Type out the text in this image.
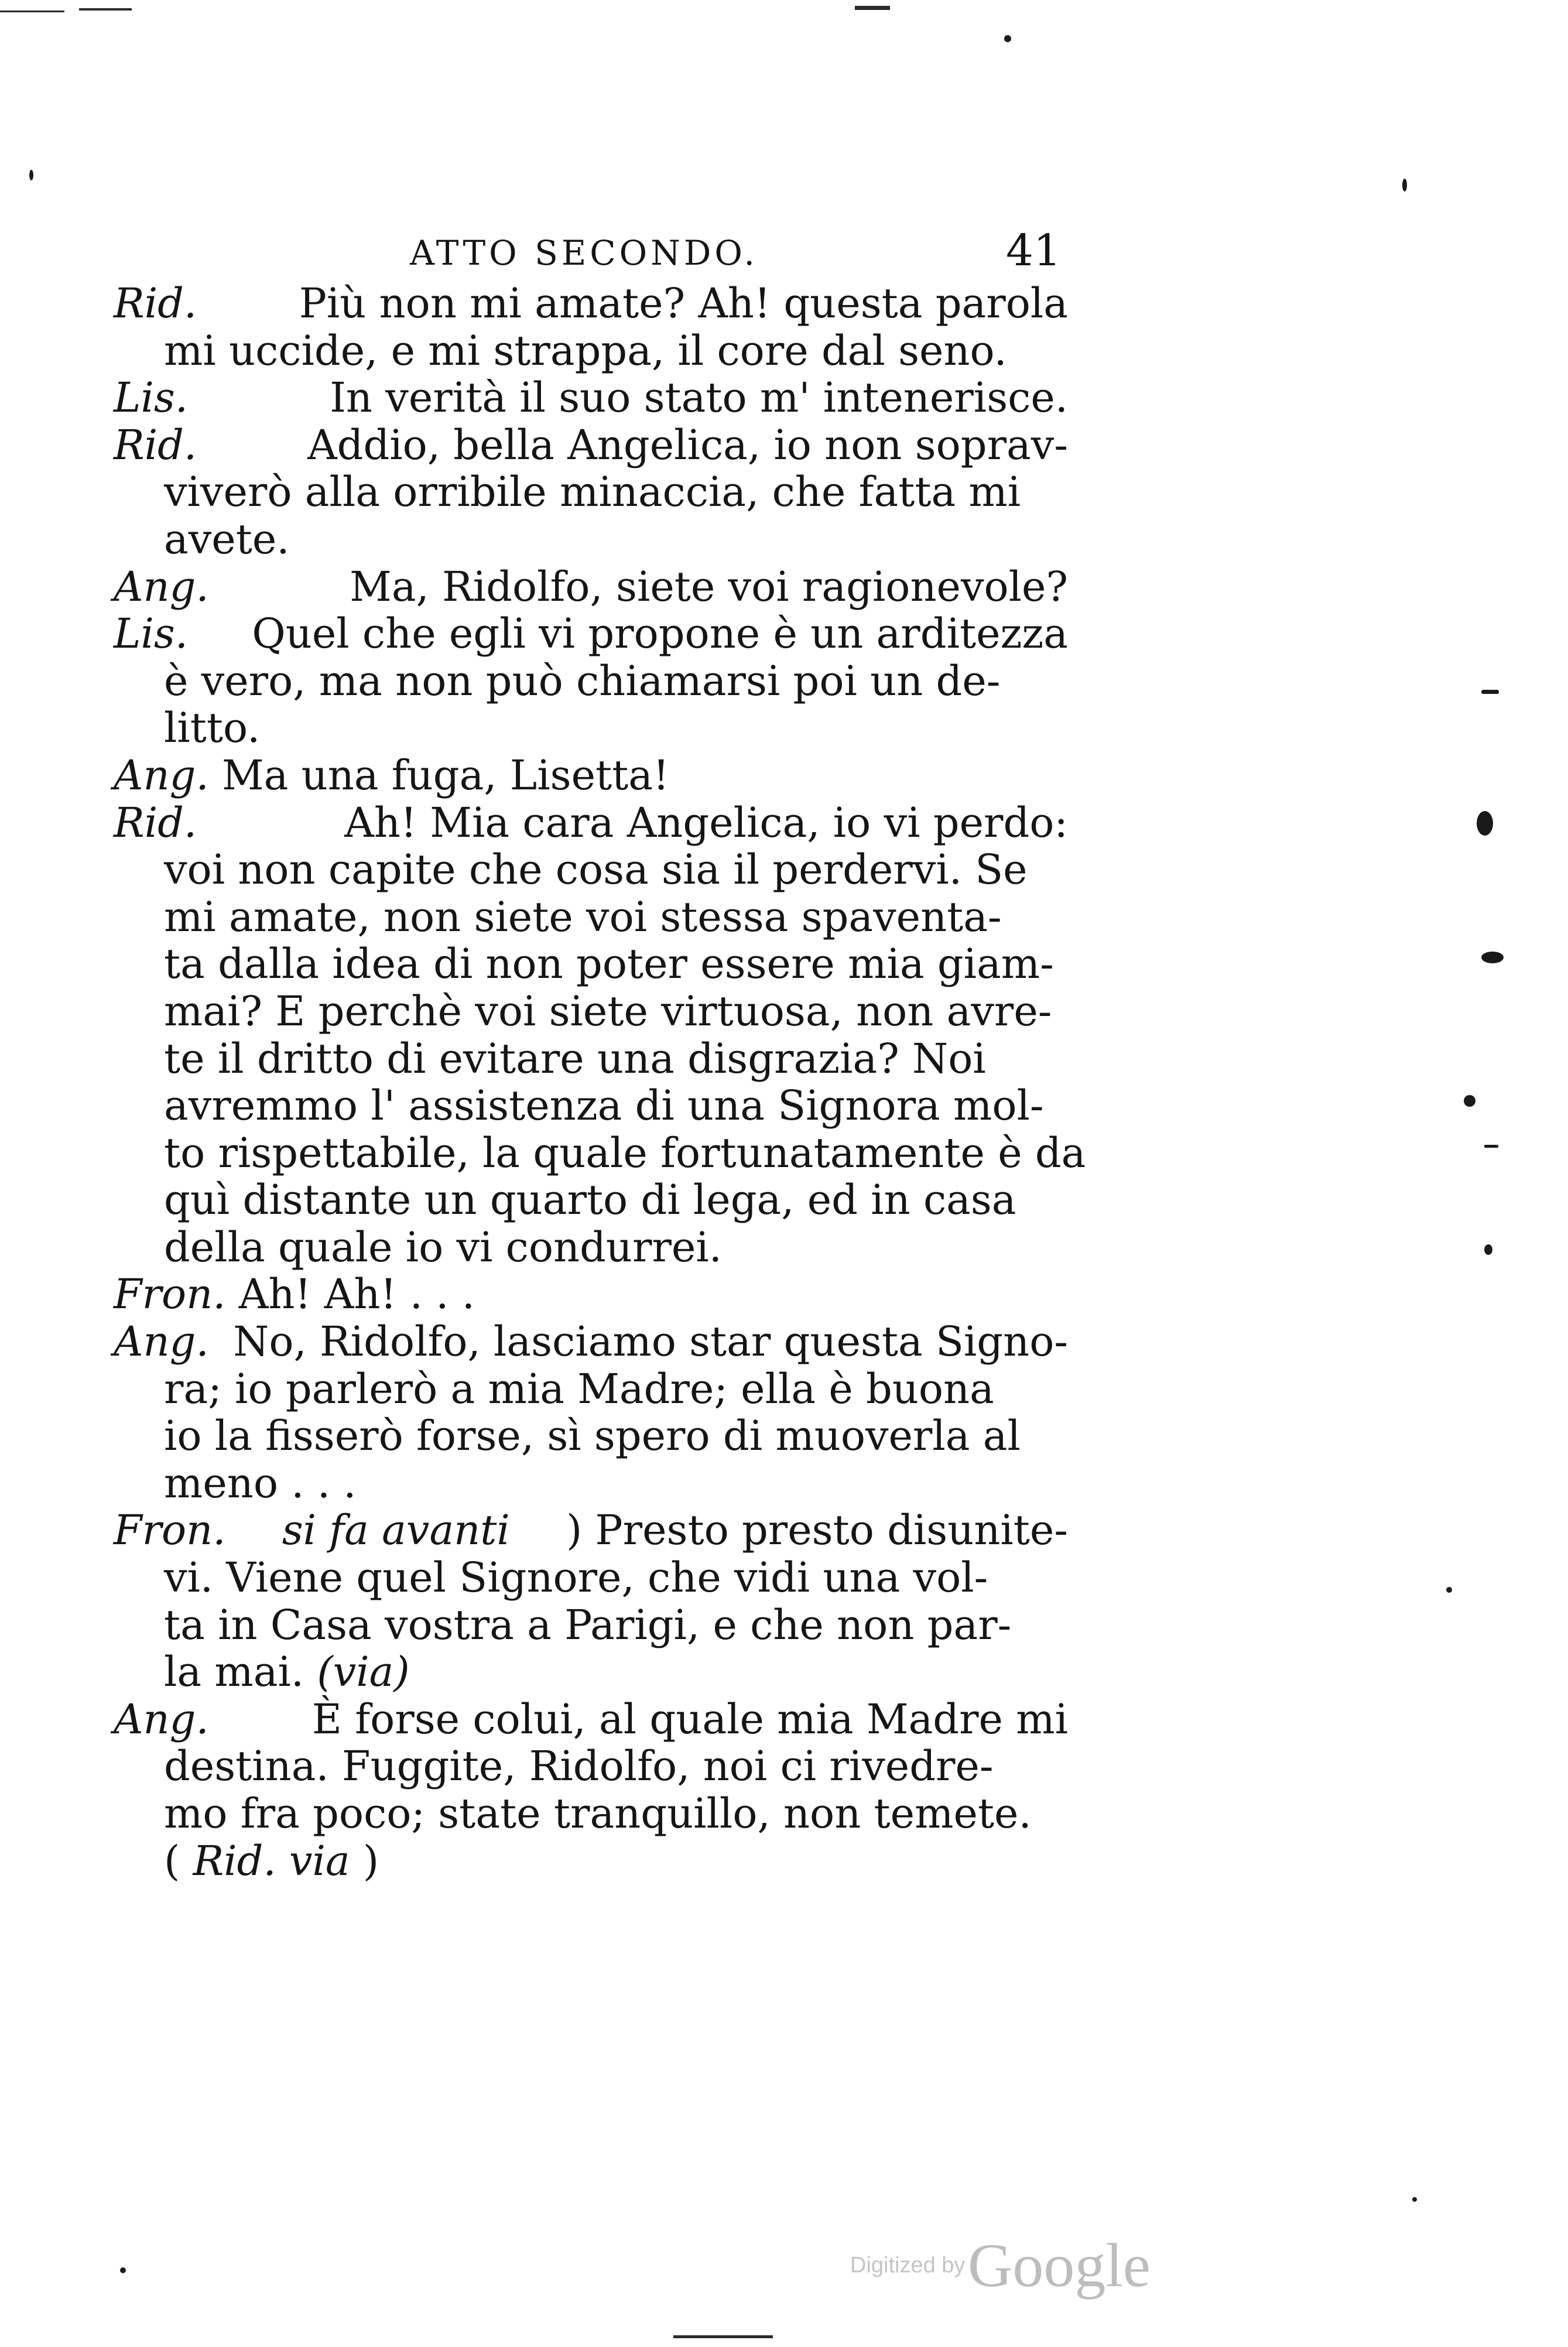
ATTO SECONDO.	41
Rid. Più non mi amate? Ah! questa parola
mi uccide, e mi strappa, il core dal seno.
Lis.	In verità il suo stato m' intenerisce.
Rid.	Addio, bella Angelica, io non soprav-
viverò alla orribile minaccia, che fatta mi
avete.
Ang.	Ma, Ridolfo, siete voi ragionevole?
Lis. Quel che egli vi propone è un arditezza
è vero, ma non può chiamarsi poi un de-
litto.
Ang. Ma una fuga, Lisetta!
Rid.	Ah! Mia cara Angelica, io vi perdo:
voi non capite che cosa sia il perdervi. Se
mi amate, non siete voi stessa spaventa-
ta dalla idea di non poter essere mia giam-
mai? E perchè voi siete virtuosa, non avre-
te il dritto di evitare una disgrazia? Noi
avremmo l' assistenza di una Signora mol-
to rispettabile, la quale fortunatamente è da
quì distante un quarto di lega, ed in casa
della quale io vi condurrei.
Fron. Ah! Ah! . . .
Ang. No, Ridolfo, lasciamo star questa Signo-
ra; io parlerò a mia Madre; ella è buona
io la fisserò forse, sì spero di muoverla al
meno . . .
Fron. si fa avanti ) Presto presto disunite-
vi. Viene quel Signore, che vidi una vol-
ta in Casa vostra a Parigi, e che non par-
la mai.
(via)
Ang.	È forse colui, al quale mia Madre mi
destina. Fuggite, Ridolfo, noi ci rivedre-
mo fra poco; state tranquillo, non temete.
( Rid. via )
Digitized by Google
